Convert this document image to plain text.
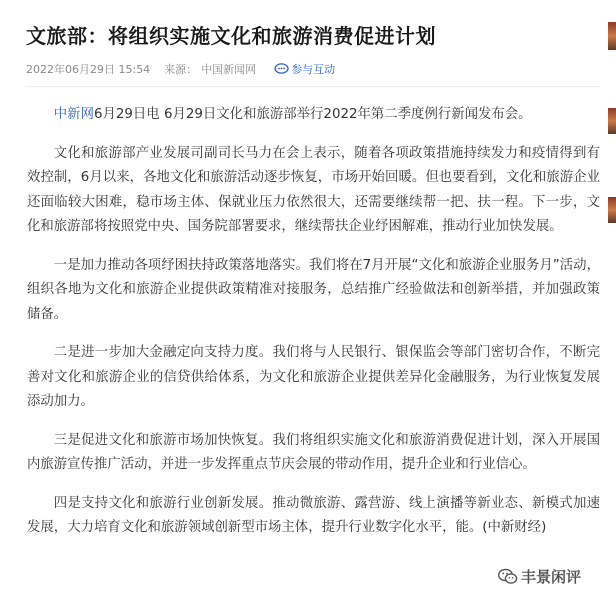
文旅部：将组织实施文化和旅游消费促进计划
2022年06月29日 15:54 来源： 中国新闻网	参与互动

中新网6月29日电 6月29日文化和旅游部举行2022年第二季度例行新闻发布会。

文化和旅游部产业发展司副司长马力在会上表示，随着各项政策措施持续发力和疫情得到有效控制，6月以来，各地文化和旅游活动逐步恢复，市场开始回暖。但也要看到，文化和旅游企业还面临较大困难，稳市场主体、保就业压力依然很大，还需要继续帮一把、扶一程。下一步，文化和旅游部将按照党中央、国务院部署要求，继续帮扶企业纾困解难，推动行业加快发展。

一是加力推动各项纾困扶持政策落地落实。我们将在7月开展“文化和旅游企业服务月”活动，组织各地为文化和旅游企业提供政策精准对接服务，总结推广经验做法和创新举措，并加强政策储备。

二是进一步加大金融定向支持力度。我们将与人民银行、银保监会等部门密切合作，不断完善对文化和旅游企业的信贷供给体系，为文化和旅游企业提供差异化金融服务，为行业恢复发展添动加力。

三是促进文化和旅游市场加快恢复。我们将组织实施文化和旅游消费促进计划，深入开展国内旅游宣传推广活动，并进一步发挥重点节庆会展的带动作用，提升企业和行业信心。

四是支持文化和旅游行业创新发展。推动微旅游、露营游、线上演播等新业态、新模式加速发展，大力培育文化和旅游领域创新型市场主体，提升行业数字化水平，能。(中新财经)

丰景闲评
